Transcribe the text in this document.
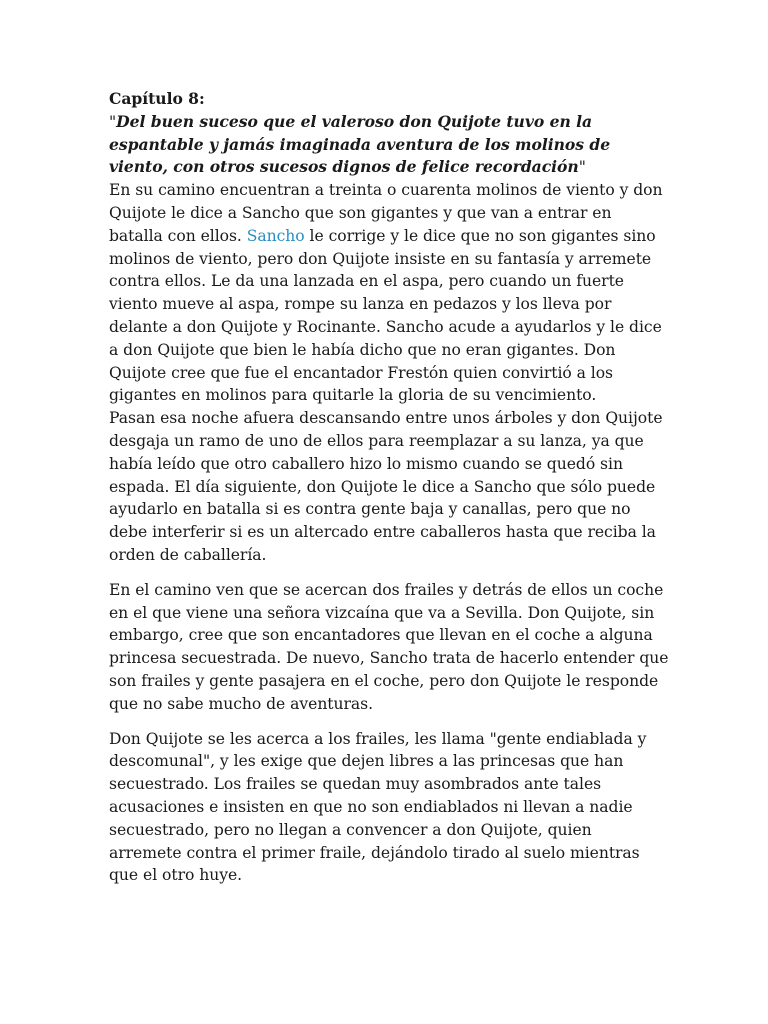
Capítulo 8:

"Del buen suceso que el valeroso don Quijote tuvo en la espantable y jamás imaginada aventura de los molinos de viento, con otros sucesos dignos de felice recordación"

En su camino encuentran a treinta o cuarenta molinos de viento y don Quijote le dice a Sancho que son gigantes y que van a entrar en batalla con ellos. Sancho le corrige y le dice que no son gigantes sino molinos de viento, pero don Quijote insiste en su fantasía y arremete contra ellos. Le da una lanzada en el aspa, pero cuando un fuerte viento mueve al aspa, rompe su lanza en pedazos y los lleva por delante a don Quijote y Rocinante. Sancho acude a ayudarlos y le dice a don Quijote que bien le había dicho que no eran gigantes. Don Quijote cree que fue el encantador Frestón quien convirtió a los gigantes en molinos para quitarle la gloria de su vencimiento.

Pasan esa noche afuera descansando entre unos árboles y don Quijote desgaja un ramo de uno de ellos para reemplazar a su lanza, ya que había leído que otro caballero hizo lo mismo cuando se quedó sin espada. El día siguiente, don Quijote le dice a Sancho que sólo puede ayudarlo en batalla si es contra gente baja y canallas, pero que no debe interferir si es un altercado entre caballeros hasta que reciba la orden de caballería.

En el camino ven que se acercan dos frailes y detrás de ellos un coche en el que viene una señora vizcaína que va a Sevilla. Don Quijote, sin embargo, cree que son encantadores que llevan en el coche a alguna princesa secuestrada. De nuevo, Sancho trata de hacerlo entender que son frailes y gente pasajera en el coche, pero don Quijote le responde que no sabe mucho de aventuras.

Don Quijote se les acerca a los frailes, les llama "gente endiablada y descomunal", y les exige que dejen libres a las princesas que han secuestrado. Los frailes se quedan muy asombrados ante tales acusaciones e insisten en que no son endiablados ni llevan a nadie secuestrado, pero no llegan a convencer a don Quijote, quien arremete contra el primer fraile, dejándolo tirado al suelo mientras que el otro huye.
